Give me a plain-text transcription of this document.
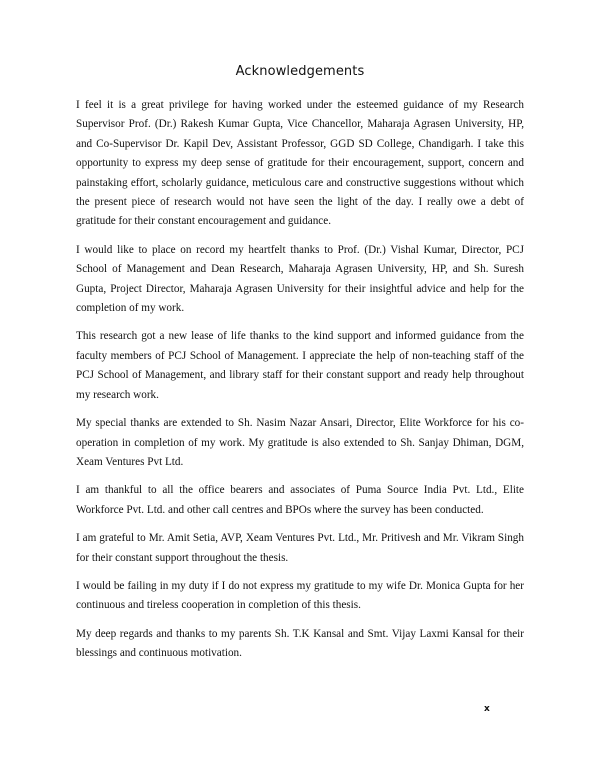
Acknowledgements

I feel it is a great privilege for having worked under the esteemed guidance of my Research Supervisor Prof. (Dr.) Rakesh Kumar Gupta, Vice Chancellor, Maharaja Agrasen University, HP, and Co-Supervisor Dr. Kapil Dev, Assistant Professor, GGD SD College, Chandigarh. I take this opportunity to express my deep sense of gratitude for their encouragement, support, concern and painstaking effort, scholarly guidance, meticulous care and constructive suggestions without which the present piece of research would not have seen the light of the day. I really owe a debt of gratitude for their constant encouragement and guidance.

I would like to place on record my heartfelt thanks to Prof. (Dr.) Vishal Kumar, Director, PCJ School of Management and Dean Research, Maharaja Agrasen University, HP, and Sh. Suresh Gupta, Project Director, Maharaja Agrasen University for their insightful advice and help for the completion of my work.

This research got a new lease of life thanks to the kind support and informed guidance from the faculty members of PCJ School of Management. I appreciate the help of non-teaching staff of the PCJ School of Management, and library staff for their constant support and ready help throughout my research work.

My special thanks are extended to Sh. Nasim Nazar Ansari, Director, Elite Workforce for his co-operation in completion of my work. My gratitude is also extended to Sh. Sanjay Dhiman, DGM, Xeam Ventures Pvt Ltd.

I am thankful to all the office bearers and associates of Puma Source India Pvt. Ltd., Elite Workforce Pvt. Ltd. and other call centres and BPOs where the survey has been conducted.

I am grateful to Mr. Amit Setia, AVP, Xeam Ventures Pvt. Ltd., Mr. Pritivesh and Mr. Vikram Singh for their constant support throughout the thesis.

I would be failing in my duty if I do not express my gratitude to my wife Dr. Monica Gupta for her continuous and tireless cooperation in completion of this thesis.

My deep regards and thanks to my parents Sh. T.K Kansal and Smt. Vijay Laxmi Kansal for their blessings and continuous motivation.

x
